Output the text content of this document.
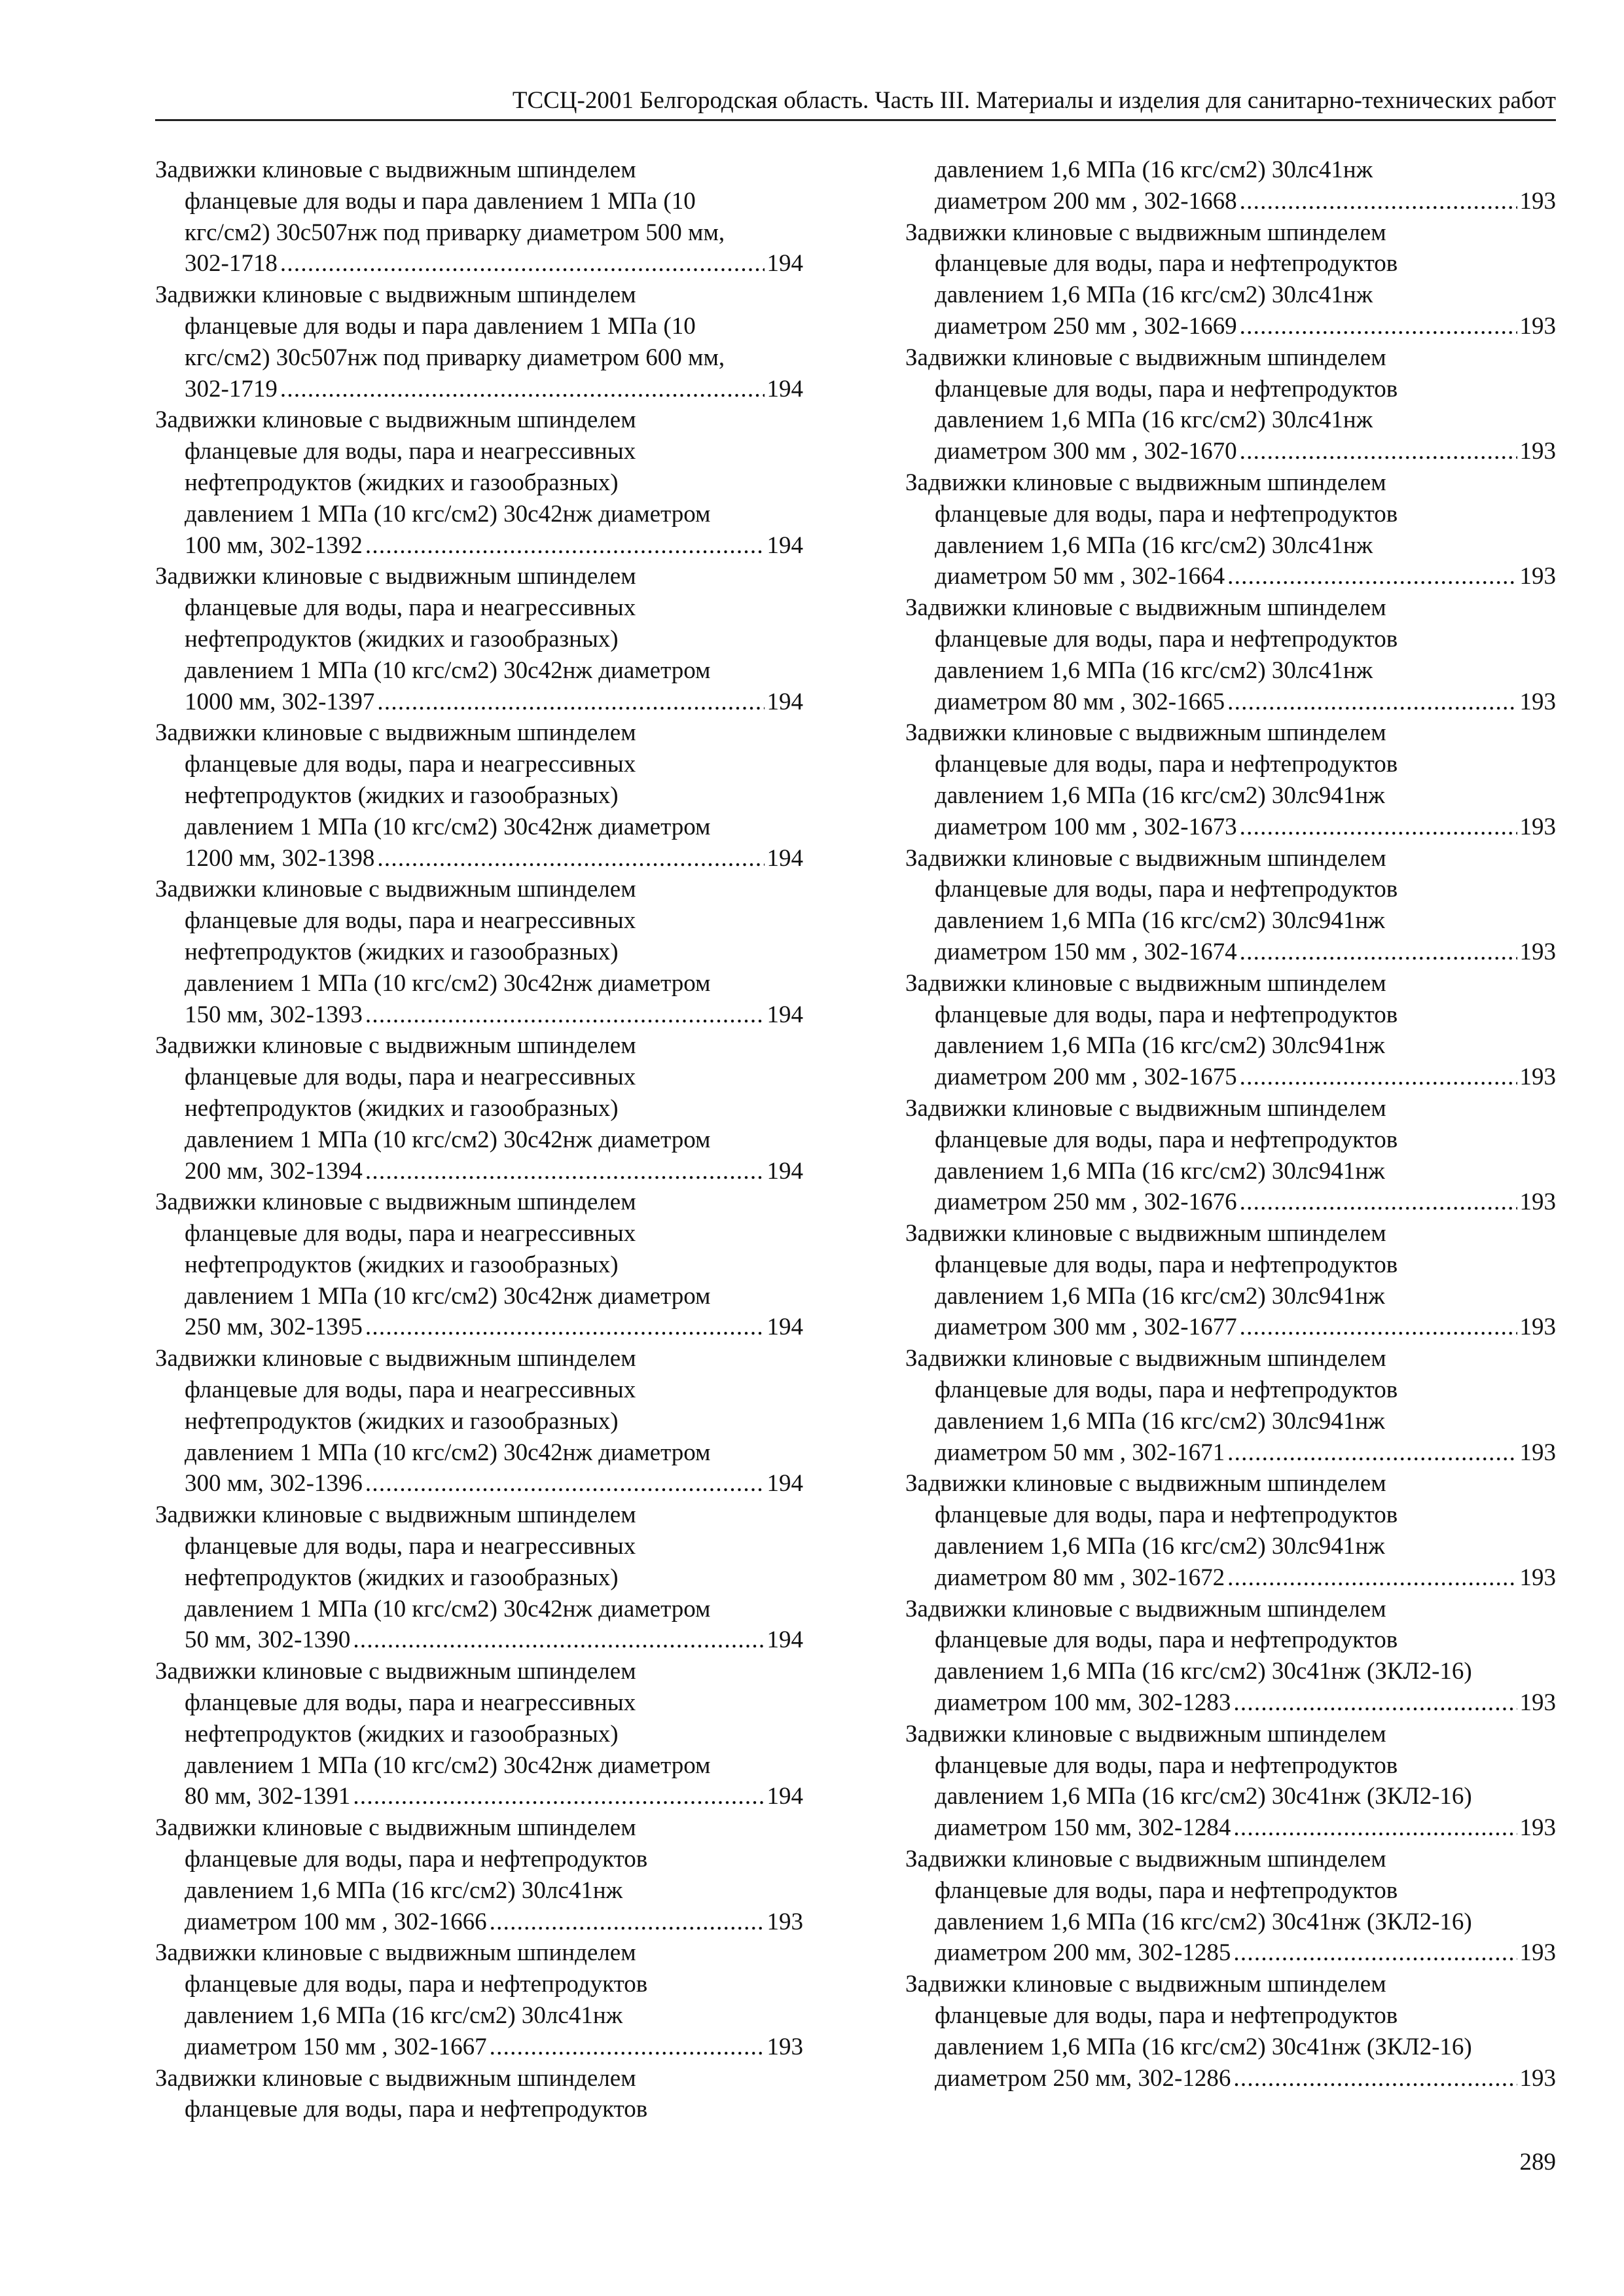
ТССЦ-2001 Белгородская область. Часть III. Материалы и изделия для санитарно-технических работ
Задвижки клиновые с выдвижным шпинделем
фланцевые для воды и пара давлением 1 МПа (10
кгс/см2) 30с507нж под приварку диаметром 500 мм,
302-1718 . . .	194
Задвижки клиновые с выдвижным шпинделем
фланцевые для воды и пара давлением 1 МПа (10
кгс/см2) 30с507нж под приварку диаметром 600 мм,
302-1719 . . .	194
Задвижки клиновые с выдвижным шпинделем
фланцевые для воды, пара и неагрессивных
нефтепродуктов (жидких и газообразных)
давлением 1 МПа (10 кгс/см2) 30с42нж диаметром
100 мм, 302-1392 . . .	194
Задвижки клиновые с выдвижным шпинделем
фланцевые для воды, пара и неагрессивных
нефтепродуктов (жидких и газообразных)
давлением 1 МПа (10 кгс/см2) 30с42нж диаметром
1000 мм, 302-1397 . . .	194
Задвижки клиновые с выдвижным шпинделем
фланцевые для воды, пара и неагрессивных
нефтепродуктов (жидких и газообразных)
давлением 1 МПа (10 кгс/см2) 30с42нж диаметром
1200 мм, 302-1398 . . .	194
Задвижки клиновые с выдвижным шпинделем
фланцевые для воды, пара и неагрессивных
нефтепродуктов (жидких и газообразных)
давлением 1 МПа (10 кгс/см2) 30с42нж диаметром
150 мм, 302-1393 . . .	194
Задвижки клиновые с выдвижным шпинделем
фланцевые для воды, пара и неагрессивных
нефтепродуктов (жидких и газообразных)
давлением 1 МПа (10 кгс/см2) 30с42нж диаметром
200 мм, 302-1394 . . .	194
Задвижки клиновые с выдвижным шпинделем
фланцевые для воды, пара и неагрессивных
нефтепродуктов (жидких и газообразных)
давлением 1 МПа (10 кгс/см2) 30с42нж диаметром
250 мм, 302-1395 . . .	194
Задвижки клиновые с выдвижным шпинделем
фланцевые для воды, пара и неагрессивных
нефтепродуктов (жидких и газообразных)
давлением 1 МПа (10 кгс/см2) 30с42нж диаметром
300 мм, 302-1396 . . .	194
Задвижки клиновые с выдвижным шпинделем
фланцевые для воды, пара и неагрессивных
нефтепродуктов (жидких и газообразных)
давлением 1 МПа (10 кгс/см2) 30с42нж диаметром
50 мм, 302-1390 . . .	194
Задвижки клиновые с выдвижным шпинделем
фланцевые для воды, пара и неагрессивных
нефтепродуктов (жидких и газообразных)
давлением 1 МПа (10 кгс/см2) 30с42нж диаметром
80 мм, 302-1391 . . .	194
Задвижки клиновые с выдвижным шпинделем
фланцевые для воды, пара и нефтепродуктов
давлением 1,6 МПа (16 кгс/см2) 30лс41нж
диаметром 100 мм , 302-1666 . . .	193
Задвижки клиновые с выдвижным шпинделем
фланцевые для воды, пара и нефтепродуктов
давлением 1,6 МПа (16 кгс/см2) 30лс41нж
диаметром 150 мм , 302-1667 . . .	193
Задвижки клиновые с выдвижным шпинделем
фланцевые для воды, пара и нефтепродуктов
давлением 1,6 МПа (16 кгс/см2) 30лс41нж
диаметром 200 мм , 302-1668 . . .	193
Задвижки клиновые с выдвижным шпинделем
фланцевые для воды, пара и нефтепродуктов
давлением 1,6 МПа (16 кгс/см2) 30лс41нж
диаметром 250 мм , 302-1669 . . .	193
Задвижки клиновые с выдвижным шпинделем
фланцевые для воды, пара и нефтепродуктов
давлением 1,6 МПа (16 кгс/см2) 30лс41нж
диаметром 300 мм , 302-1670 . . .	193
Задвижки клиновые с выдвижным шпинделем
фланцевые для воды, пара и нефтепродуктов
давлением 1,6 МПа (16 кгс/см2) 30лс41нж
диаметром 50 мм , 302-1664 . . .	193
Задвижки клиновые с выдвижным шпинделем
фланцевые для воды, пара и нефтепродуктов
давлением 1,6 МПа (16 кгс/см2) 30лс41нж
диаметром 80 мм , 302-1665 . . .	193
Задвижки клиновые с выдвижным шпинделем
фланцевые для воды, пара и нефтепродуктов
давлением 1,6 МПа (16 кгс/см2) 30лс941нж
диаметром 100 мм , 302-1673 . . .	193
Задвижки клиновые с выдвижным шпинделем
фланцевые для воды, пара и нефтепродуктов
давлением 1,6 МПа (16 кгс/см2) 30лс941нж
диаметром 150 мм , 302-1674 . . .	193
Задвижки клиновые с выдвижным шпинделем
фланцевые для воды, пара и нефтепродуктов
давлением 1,6 МПа (16 кгс/см2) 30лс941нж
диаметром 200 мм , 302-1675 . . .	193
Задвижки клиновые с выдвижным шпинделем
фланцевые для воды, пара и нефтепродуктов
давлением 1,6 МПа (16 кгс/см2) 30лс941нж
диаметром 250 мм , 302-1676 . . .	193
Задвижки клиновые с выдвижным шпинделем
фланцевые для воды, пара и нефтепродуктов
давлением 1,6 МПа (16 кгс/см2) 30лс941нж
диаметром 300 мм , 302-1677 . . .	193
Задвижки клиновые с выдвижным шпинделем
фланцевые для воды, пара и нефтепродуктов
давлением 1,6 МПа (16 кгс/см2) 30лс941нж
диаметром 50 мм , 302-1671 . . .	193
Задвижки клиновые с выдвижным шпинделем
фланцевые для воды, пара и нефтепродуктов
давлением 1,6 МПа (16 кгс/см2) 30лс941нж
диаметром 80 мм , 302-1672 . . .	193
Задвижки клиновые с выдвижным шпинделем
фланцевые для воды, пара и нефтепродуктов
давлением 1,6 МПа (16 кгс/см2) 30с41нж (ЗКЛ2-16)
диаметром 100 мм, 302-1283 . . .	193
Задвижки клиновые с выдвижным шпинделем
фланцевые для воды, пара и нефтепродуктов
давлением 1,6 МПа (16 кгс/см2) 30с41нж (ЗКЛ2-16)
диаметром 150 мм, 302-1284 . . .	193
Задвижки клиновые с выдвижным шпинделем
фланцевые для воды, пара и нефтепродуктов
давлением 1,6 МПа (16 кгс/см2) 30с41нж (ЗКЛ2-16)
диаметром 200 мм, 302-1285 . . .	193
Задвижки клиновые с выдвижным шпинделем
фланцевые для воды, пара и нефтепродуктов
давлением 1,6 МПа (16 кгс/см2) 30с41нж (ЗКЛ2-16)
диаметром 250 мм, 302-1286 . . .	193
289
